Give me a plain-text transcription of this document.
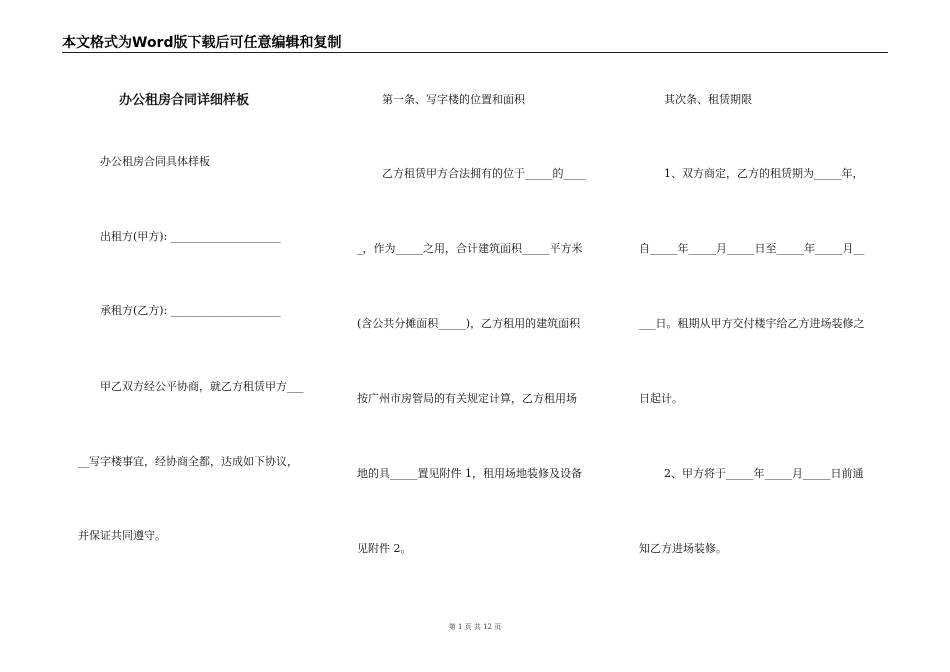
本文格式为Word版下载后可任意编辑和复制
办公租房合同详细样板
办公租房合同具体样板
出租方(甲方): ____________________
承租方(乙方): ____________________
甲乙双方经公平协商，就乙方租赁甲方___
__写字楼事宜，经协商全都，达成如下协议，
并保证共同遵守。
第一条、写字楼的位置和面积
乙方租赁甲方合法拥有的位于_____的____
_，作为_____之用，合计建筑面积_____平方米
(含公共分摊面积_____)，乙方租用的建筑面积
按广州市房管局的有关规定计算，乙方租用场
地的具_____置见附件 1，租用场地装修及设备
见附件 2。
其次条、租赁期限
1、双方商定，乙方的租赁期为_____年，
自_____年_____月_____日至_____年_____月__
___日。租期从甲方交付楼宇给乙方进场装修之
日起计。
2、甲方将于_____年_____月_____日前通
知乙方进场装修。
第 1 页 共 12 页
